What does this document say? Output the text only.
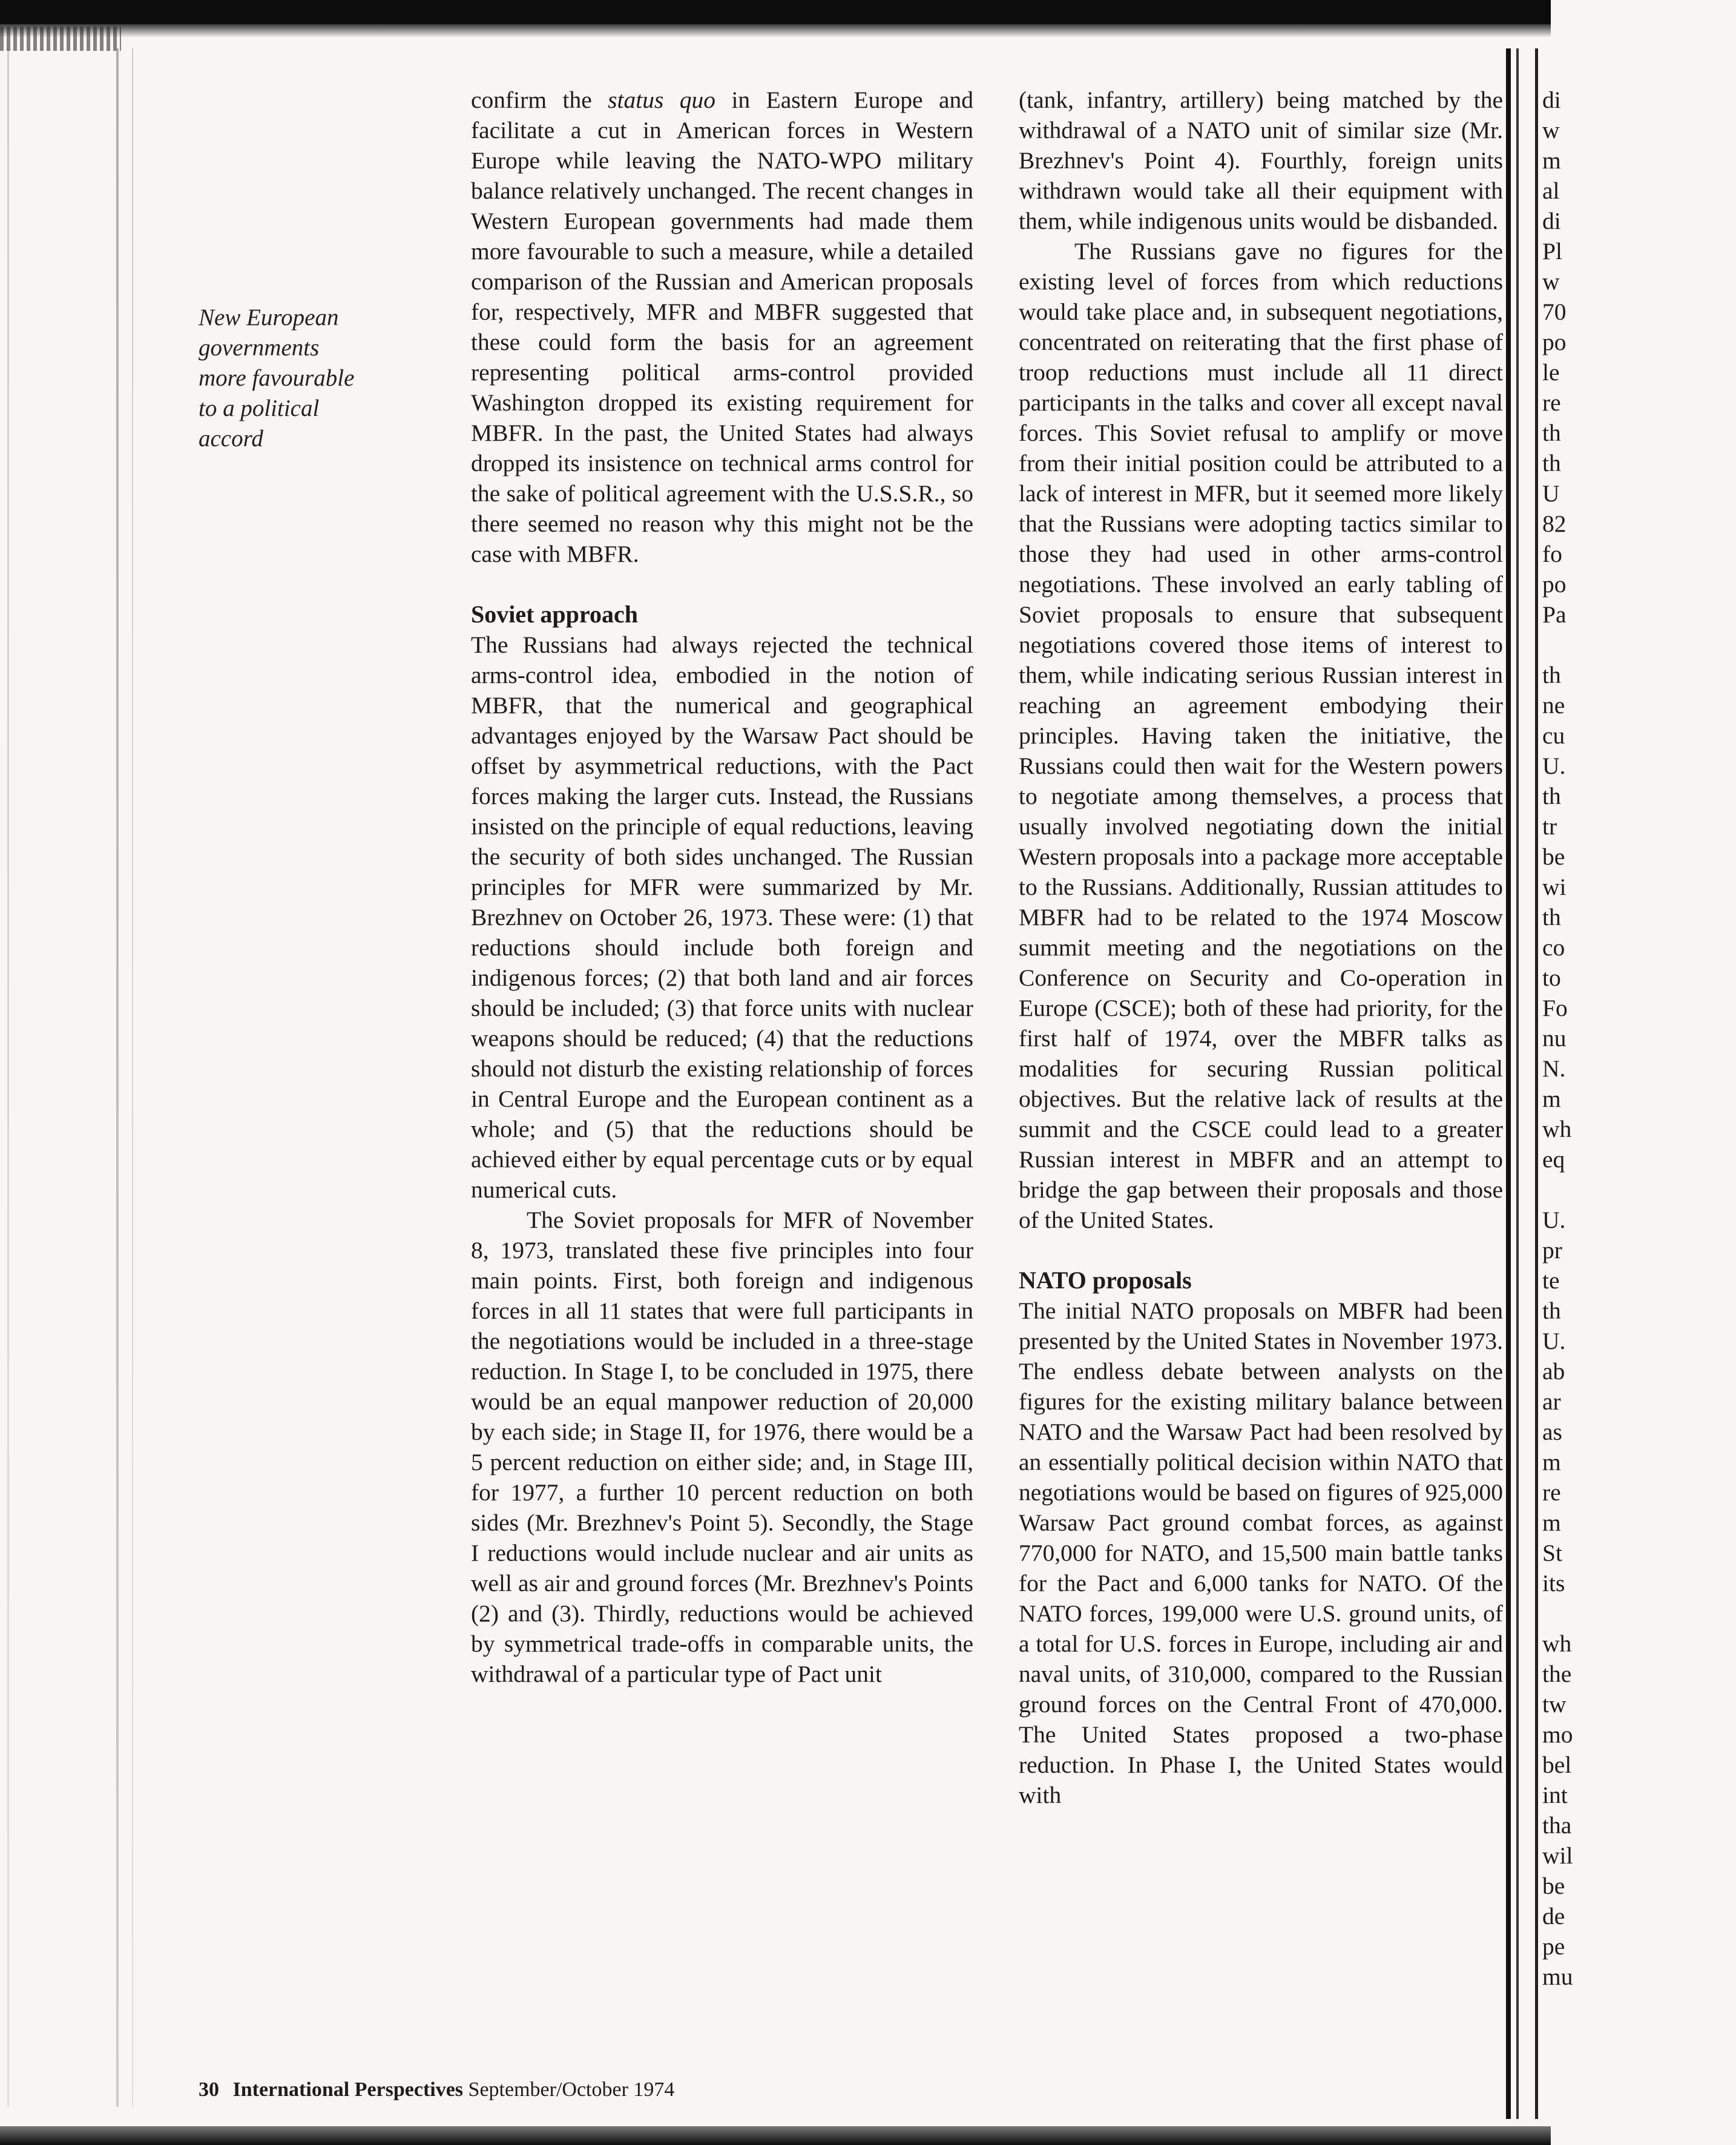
New European
governments
more favourable
to a political
accord

confirm the status quo in Eastern Europe and facilitate a cut in American forces in Western Europe while leaving the NATO-WPO military balance relatively unchanged. The recent changes in Western European governments had made them more favourable to such a measure, while a detailed comparison of the Russian and American proposals for, respectively, MFR and MBFR suggested that these could form the basis for an agreement representing political arms-control provided Washington dropped its existing requirement for MBFR. In the past, the United States had always dropped its insistence on technical arms control for the sake of political agreement with the U.S.S.R., so there seemed no reason why this might not be the case with MBFR.

Soviet approach

The Russians had always rejected the technical arms-control idea, embodied in the notion of MBFR, that the numerical and geographical advantages enjoyed by the Warsaw Pact should be offset by asymmetrical reductions, with the Pact forces making the larger cuts. Instead, the Russians insisted on the principle of equal reductions, leaving the security of both sides unchanged. The Russian principles for MFR were summarized by Mr. Brezhnev on October 26, 1973. These were: (1) that reductions should include both foreign and indigenous forces; (2) that both land and air forces should be included; (3) that force units with nuclear weapons should be reduced; (4) that the reductions should not disturb the existing relationship of forces in Central Europe and the European continent as a whole; and (5) that the reductions should be achieved either by equal percentage cuts or by equal numerical cuts.

The Soviet proposals for MFR of November 8, 1973, translated these five principles into four main points. First, both foreign and indigenous forces in all 11 states that were full participants in the negotiations would be included in a three-stage reduction. In Stage I, to be concluded in 1975, there would be an equal manpower reduction of 20,000 by each side; in Stage II, for 1976, there would be a 5 percent reduction on either side; and, in Stage III, for 1977, a further 10 percent reduction on both sides (Mr. Brezhnev's Point 5). Secondly, the Stage I reductions would include nuclear and air units as well as air and ground forces (Mr. Brezhnev's Points (2) and (3). Thirdly, reductions would be achieved by symmetrical trade-offs in comparable units, the withdrawal of a particular type of Pact unit

(tank, infantry, artillery) being matched by the withdrawal of a NATO unit of similar size (Mr. Brezhnev's Point 4). Fourthly, foreign units withdrawn would take all their equipment with them, while indigenous units would be disbanded.

The Russians gave no figures for the existing level of forces from which reductions would take place and, in subsequent negotiations, concentrated on reiterating that the first phase of troop reductions must include all 11 direct participants in the talks and cover all except naval forces. This Soviet refusal to amplify or move from their initial position could be attributed to a lack of interest in MFR, but it seemed more likely that the Russians were adopting tactics similar to those they had used in other arms-control negotiations. These involved an early tabling of Soviet proposals to ensure that subsequent negotiations covered those items of interest to them, while indicating serious Russian interest in reaching an agreement embodying their principles. Having taken the initiative, the Russians could then wait for the Western powers to negotiate among themselves, a process that usually involved negotiating down the initial Western proposals into a package more acceptable to the Russians. Additionally, Russian attitudes to MBFR had to be related to the 1974 Moscow summit meeting and the negotiations on the Conference on Security and Co-operation in Europe (CSCE); both of these had priority, for the first half of 1974, over the MBFR talks as modalities for securing Russian political objectives. But the relative lack of results at the summit and the CSCE could lead to a greater Russian interest in MBFR and an attempt to bridge the gap between their proposals and those of the United States.

NATO proposals

The initial NATO proposals on MBFR had been presented by the United States in November 1973. The endless debate between analysts on the figures for the existing military balance between NATO and the Warsaw Pact had been resolved by an essentially political decision within NATO that negotiations would be based on figures of 925,000 Warsaw Pact ground combat forces, as against 770,000 for NATO, and 15,500 main battle tanks for the Pact and 6,000 tanks for NATO. Of the NATO forces, 199,000 were U.S. ground units, of a total for U.S. forces in Europe, including air and naval units, of 310,000, compared to the Russian ground forces on the Central Front of 470,000. The United States proposed a two-phase reduction. In Phase I, the United States would with

di
w
m
al
di
Pl
w
70
po
le
re
th
th
U
82
fo
po
Pa
th
ne
cu
U.
th
tr
be
wi
th
co
to
Fo
nu
N.
m
wh
eq
U.
pr
te
th
U.
ab
ar
as
m
re
m
St
its
wh
the
tw
mo
bel
int
tha
wil
be
de
pe
mu
30 International Perspectives September/October 1974
